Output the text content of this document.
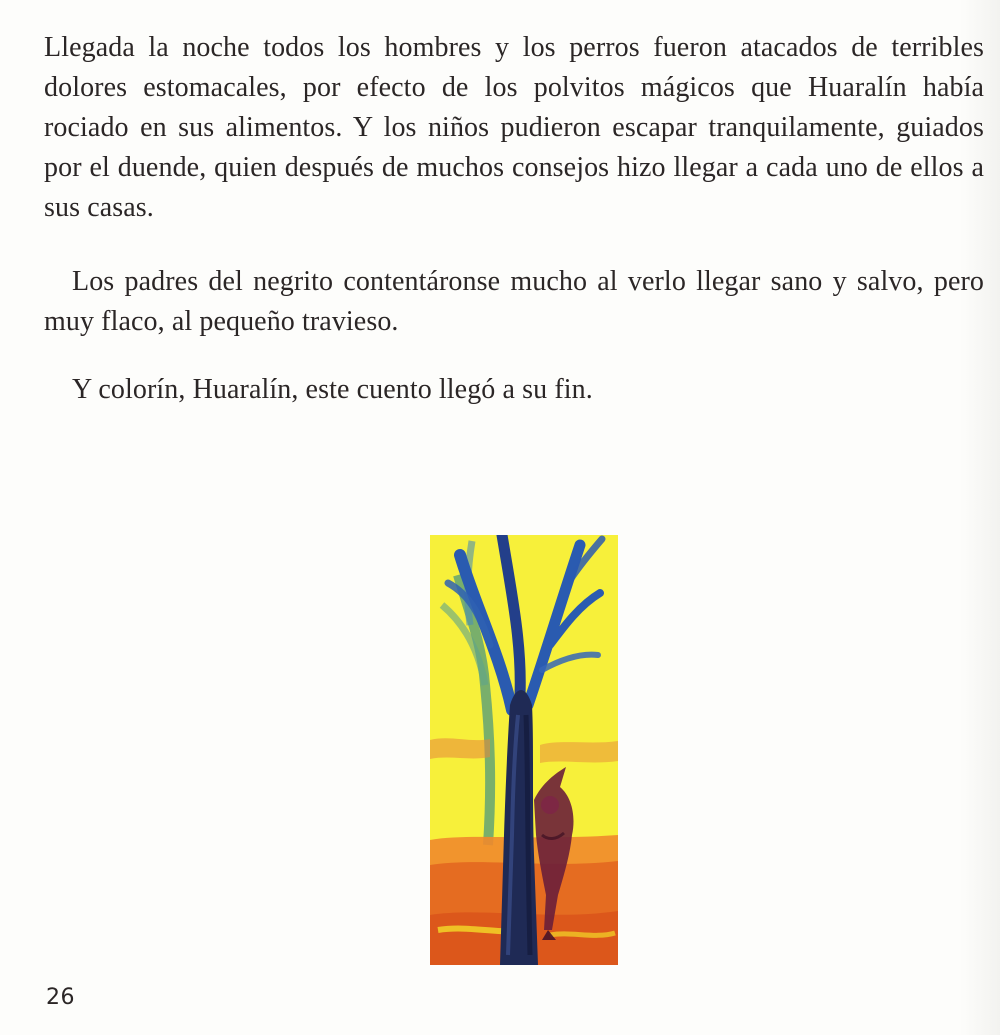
Llegada la noche todos los hombres y los perros fueron atacados de terribles dolores estomacales, por efecto de los polvitos mágicos que Huaralín había rociado en sus alimentos. Y los niños pudieron escapar tranquilamente, guiados por el duende, quien después de muchos consejos hizo llegar a cada uno de ellos a sus casas.

Los padres del negrito contentáronse mucho al verlo llegar sano y salvo, pero muy flaco, al pequeño travieso.

Y colorín, Huaralín, este cuento llegó a su fin.

26
